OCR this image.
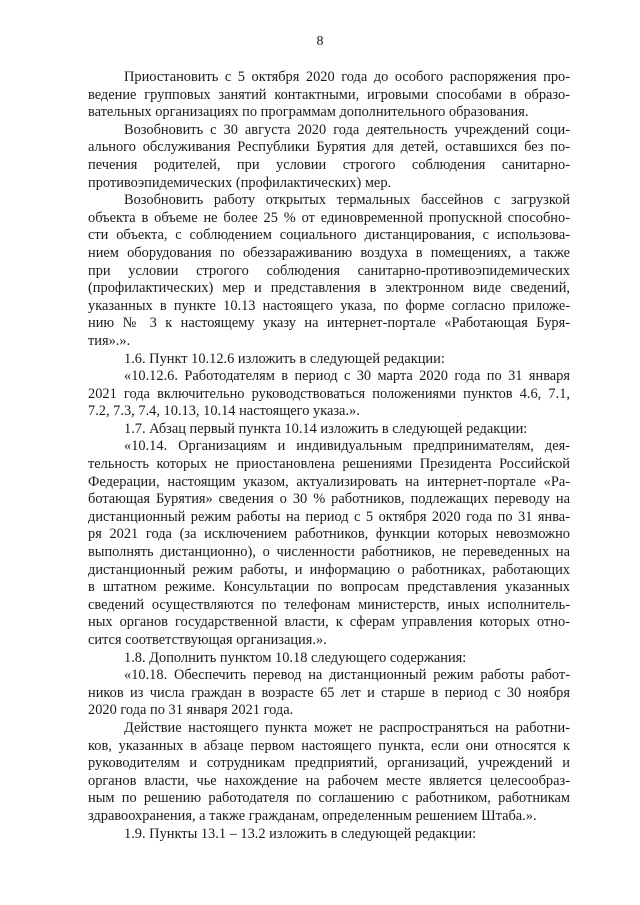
8
Приостановить с 5 октября 2020 года до особого распоряжения про-
ведение групповых занятий контактными, игровыми способами в образо-
вательных организациях по программам дополнительного образования.
Возобновить с 30 августа 2020 года деятельность учреждений соци-
ального обслуживания Республики Бурятия для детей, оставшихся без по-
печения родителей, при условии строгого соблюдения санитарно-
противоэпидемических (профилактических) мер.
Возобновить работу открытых термальных бассейнов с загрузкой
объекта в объеме не более 25 % от единовременной пропускной способно-
сти объекта, с соблюдением социального дистанцирования, с использова-
нием оборудования по обеззараживанию воздуха в помещениях, а также
при условии строгого соблюдения санитарно-противоэпидемических
(профилактических) мер и представления в электронном виде сведений,
указанных в пункте 10.13 настоящего указа, по форме согласно приложе-
нию № 3 к настоящему указу на интернет-портале «Работающая Буря-
тия».».
1.6. Пункт 10.12.6 изложить в следующей редакции:
«10.12.6. Работодателям в период с 30 марта 2020 года по 31 января
2021 года включительно руководствоваться положениями пунктов 4.6, 7.1,
7.2, 7.3, 7.4, 10.13, 10.14 настоящего указа.».
1.7. Абзац первый пункта 10.14 изложить в следующей редакции:
«10.14. Организациям и индивидуальным предпринимателям, дея-
тельность которых не приостановлена решениями Президента Российской
Федерации, настоящим указом, актуализировать на интернет-портале «Ра-
ботающая Бурятия» сведения о 30 % работников, подлежащих переводу на
дистанционный режим работы на период с 5 октября 2020 года по 31 янва-
ря 2021 года (за исключением работников, функции которых невозможно
выполнять дистанционно), о численности работников, не переведенных на
дистанционный режим работы, и информацию о работниках, работающих
в штатном режиме. Консультации по вопросам представления указанных
сведений осуществляются по телефонам министерств, иных исполнитель-
ных органов государственной власти, к сферам управления которых отно-
сится соответствующая организация.».
1.8. Дополнить пунктом 10.18 следующего содержания:
«10.18. Обеспечить перевод на дистанционный режим работы работ-
ников из числа граждан в возрасте 65 лет и старше в период с 30 ноября
2020 года по 31 января 2021 года.
Действие настоящего пункта может не распространяться на работни-
ков, указанных в абзаце первом настоящего пункта, если они относятся к
руководителям и сотрудникам предприятий, организаций, учреждений и
органов власти, чье нахождение на рабочем месте является целесообраз-
ным по решению работодателя по соглашению с работником, работникам
здравоохранения, а также гражданам, определенным решением Штаба.».
1.9. Пункты 13.1 – 13.2 изложить в следующей редакции:
